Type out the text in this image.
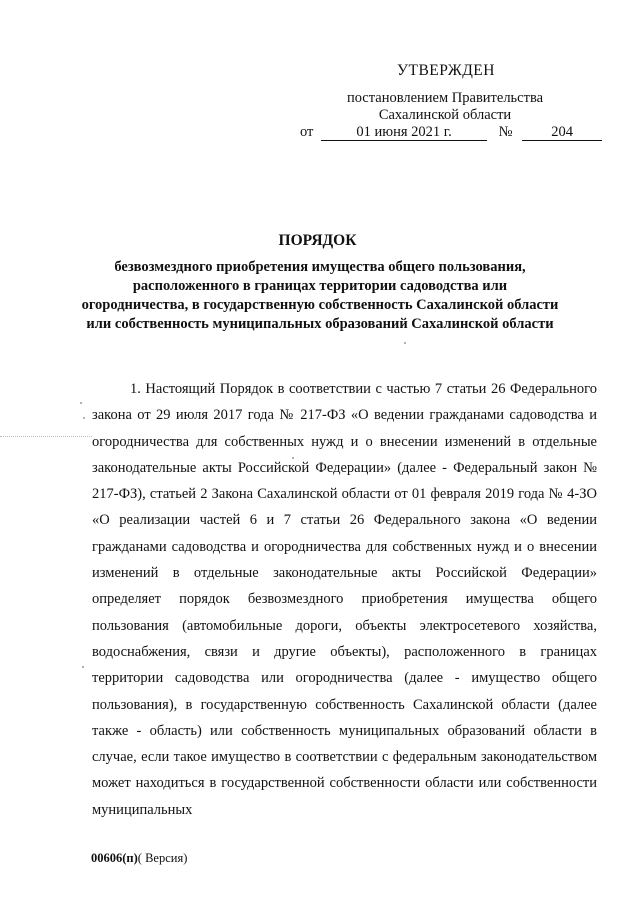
УТВЕРЖДЕН
постановлением Правительства
Сахалинской области
от	01 июня 2021 г.	№	204
ПОРЯДОК
безвозмездного приобретения имущества общего пользования, расположенного в границах территории садоводства или огородничества, в государственную собственность Сахалинской области или собственность муниципальных образований Сахалинской области

1. Настоящий Порядок в соответствии с частью 7 статьи 26 Федерального закона от 29 июля 2017 года № 217-ФЗ «О ведении гражданами садоводства и огородничества для собственных нужд и о внесении изменений в отдельные законодательные акты Российской Федерации» (далее - Федеральный закон № 217-ФЗ), статьей 2 Закона Сахалинской области от 01 февраля 2019 года № 4-ЗО «О реализации частей 6 и 7 статьи 26 Федерального закона «О ведении гражданами садоводства и огородничества для собственных нужд и о внесении изменений в отдельные законодательные акты Российской Федерации» определяет порядок безвозмездного приобретения имущества общего пользования (автомобильные дороги, объекты электросетевого хозяйства, водоснабжения, связи и другие объекты), расположенного в границах территории садоводства или огородничества (далее - имущество общего пользования), в государственную собственность Сахалинской области (далее также - область) или собственность муниципальных образований области в случае, если такое имущество в соответствии с федеральным законодательством может находиться в государственной собственности области или собственности муниципальных

00606(п)( Версия)
